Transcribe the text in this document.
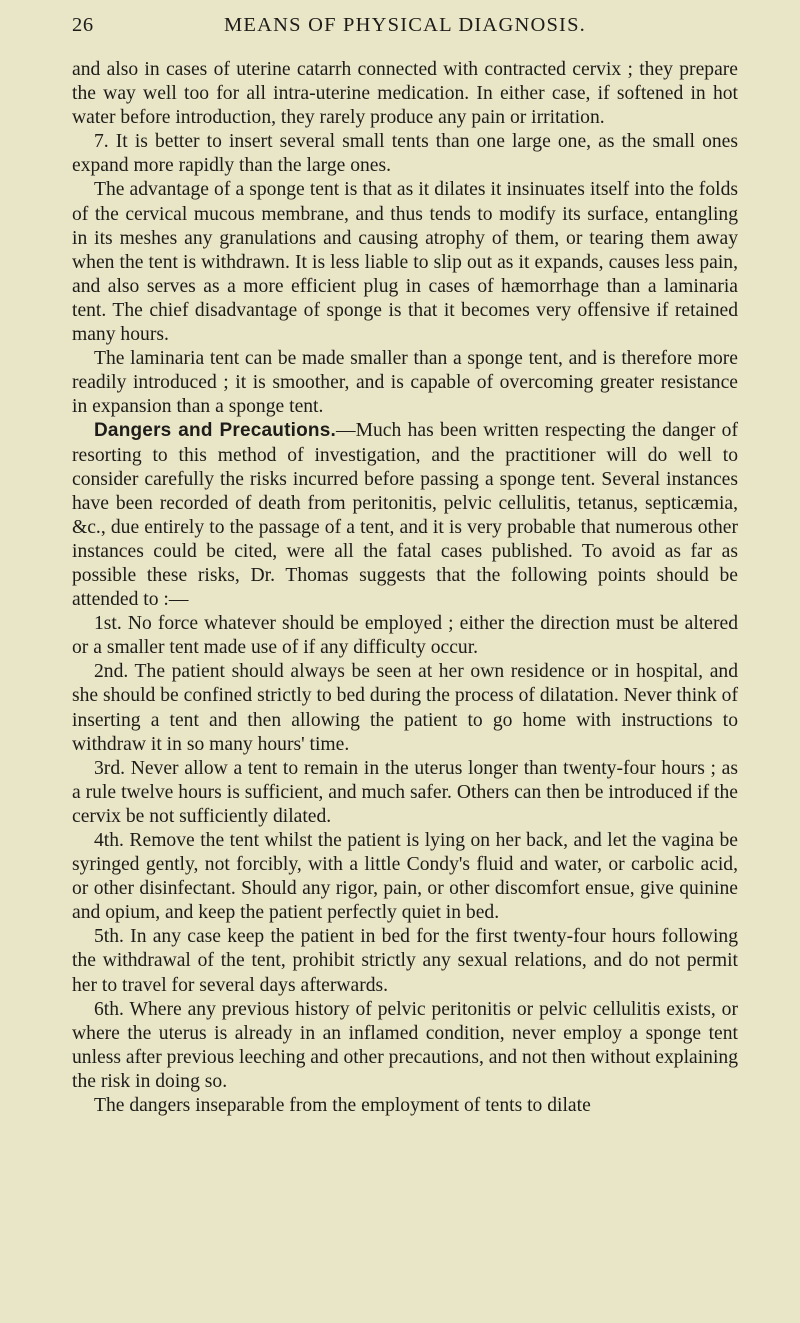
26	MEANS OF PHYSICAL DIAGNOSIS.

and also in cases of uterine catarrh connected with contracted cervix ; they prepare the way well too for all intra-uterine medication. In either case, if softened in hot water before introduction, they rarely produce any pain or irritation.

7. It is better to insert several small tents than one large one, as the small ones expand more rapidly than the large ones.

The advantage of a sponge tent is that as it dilates it insinuates itself into the folds of the cervical mucous membrane, and thus tends to modify its surface, entangling in its meshes any granulations and causing atrophy of them, or tearing them away when the tent is withdrawn. It is less liable to slip out as it expands, causes less pain, and also serves as a more efficient plug in cases of hæmorrhage than a laminaria tent. The chief disadvantage of sponge is that it becomes very offensive if retained many hours.

The laminaria tent can be made smaller than a sponge tent, and is therefore more readily introduced ; it is smoother, and is capable of overcoming greater resistance in expansion than a sponge tent.

Dangers and Precautions.—Much has been written respecting the danger of resorting to this method of investigation, and the practitioner will do well to consider carefully the risks incurred before passing a sponge tent. Several instances have been recorded of death from peritonitis, pelvic cellulitis, tetanus, septicæmia, &c., due entirely to the passage of a tent, and it is very probable that numerous other instances could be cited, were all the fatal cases published. To avoid as far as possible these risks, Dr. Thomas suggests that the following points should be attended to :—

1st. No force whatever should be employed ; either the direction must be altered or a smaller tent made use of if any difficulty occur.

2nd. The patient should always be seen at her own residence or in hospital, and she should be confined strictly to bed during the process of dilatation. Never think of inserting a tent and then allowing the patient to go home with instructions to withdraw it in so many hours' time.

3rd. Never allow a tent to remain in the uterus longer than twenty-four hours ; as a rule twelve hours is sufficient, and much safer. Others can then be introduced if the cervix be not sufficiently dilated.

4th. Remove the tent whilst the patient is lying on her back, and let the vagina be syringed gently, not forcibly, with a little Condy's fluid and water, or carbolic acid, or other disinfectant. Should any rigor, pain, or other discomfort ensue, give quinine and opium, and keep the patient perfectly quiet in bed.

5th. In any case keep the patient in bed for the first twenty-four hours following the withdrawal of the tent, prohibit strictly any sexual relations, and do not permit her to travel for several days afterwards.

6th. Where any previous history of pelvic peritonitis or pelvic cellulitis exists, or where the uterus is already in an inflamed condition, never employ a sponge tent unless after previous leeching and other precautions, and not then without explaining the risk in doing so.

The dangers inseparable from the employment of tents to dilate
